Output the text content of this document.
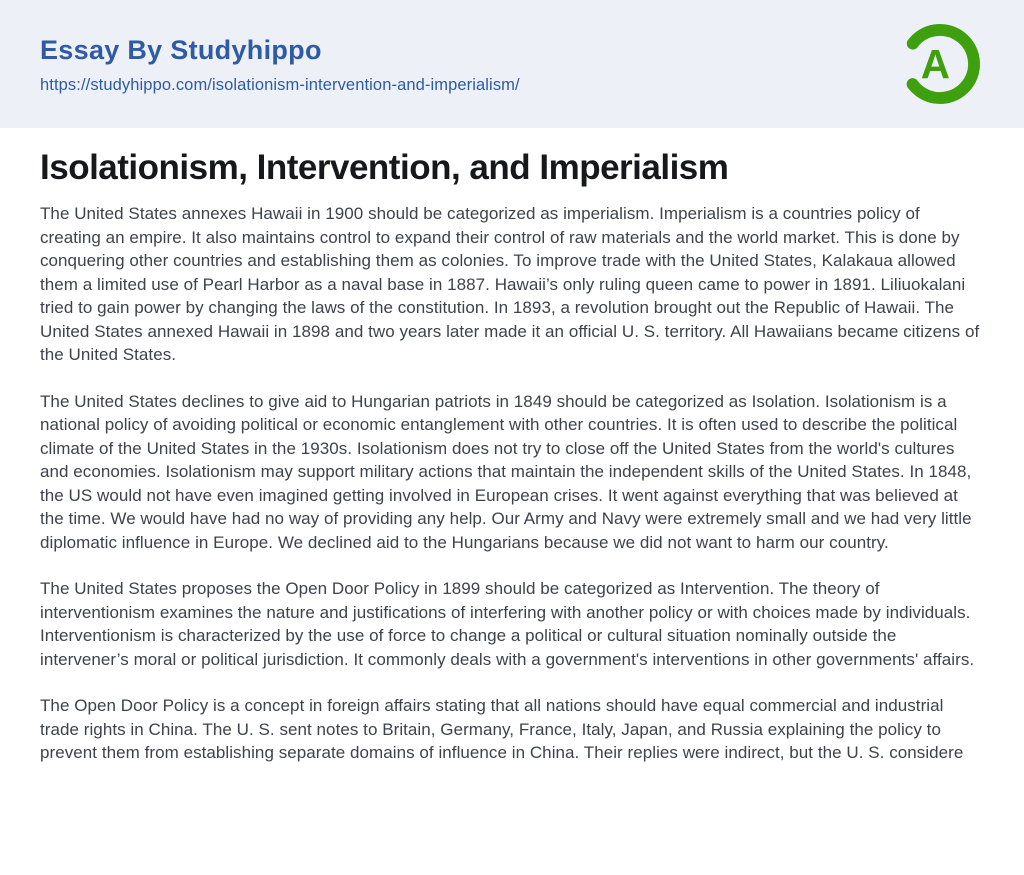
Essay By Studyhippo
https://studyhippo.com/isolationism-intervention-and-imperialism/	A
Isolationism, Intervention, and Imperialism

The United States annexes Hawaii in 1900 should be categorized as imperialism. Imperialism is a countries policy of creating an empire. It also maintains control to expand their control of raw materials and the world market. This is done by conquering other countries and establishing them as colonies. To improve trade with the United States, Kalakaua allowed them a limited use of Pearl Harbor as a naval base in 1887. Hawaii’s only ruling queen came to power in 1891. Liliuokalani tried to gain power by changing the laws of the constitution. In 1893, a revolution brought out the Republic of Hawaii. The United States annexed Hawaii in 1898 and two years later made it an official U. S. territory. All Hawaiians became citizens of the United States.

The United States declines to give aid to Hungarian patriots in 1849 should be categorized as Isolation. Isolationism is a national policy of avoiding political or economic entanglement with other countries. It is often used to describe the political climate of the United States in the 1930s. Isolationism does not try to close off the United States from the world's cultures and economies. Isolationism may support military actions that maintain the independent skills of the United States. In 1848, the US would not have even imagined getting involved in European crises. It went against everything that was believed at the time. We would have had no way of providing any help. Our Army and Navy were extremely small and we had very little diplomatic influence in Europe. We declined aid to the Hungarians because we did not want to harm our country.

The United States proposes the Open Door Policy in 1899 should be categorized as Intervention. The theory of interventionism examines the nature and justifications of interfering with another policy or with choices made by individuals. Interventionism is characterized by the use of force to change a political or cultural situation nominally outside the intervener’s moral or political jurisdiction. It commonly deals with a government's interventions in other governments' affairs.

The Open Door Policy is a concept in foreign affairs stating that all nations should have equal commercial and industrial trade rights in China. The U. S. sent notes to Britain, Germany, France, Italy, Japan, and Russia explaining the policy to prevent them from establishing separate domains of influence in China. Their replies were indirect, but the U. S. considere
